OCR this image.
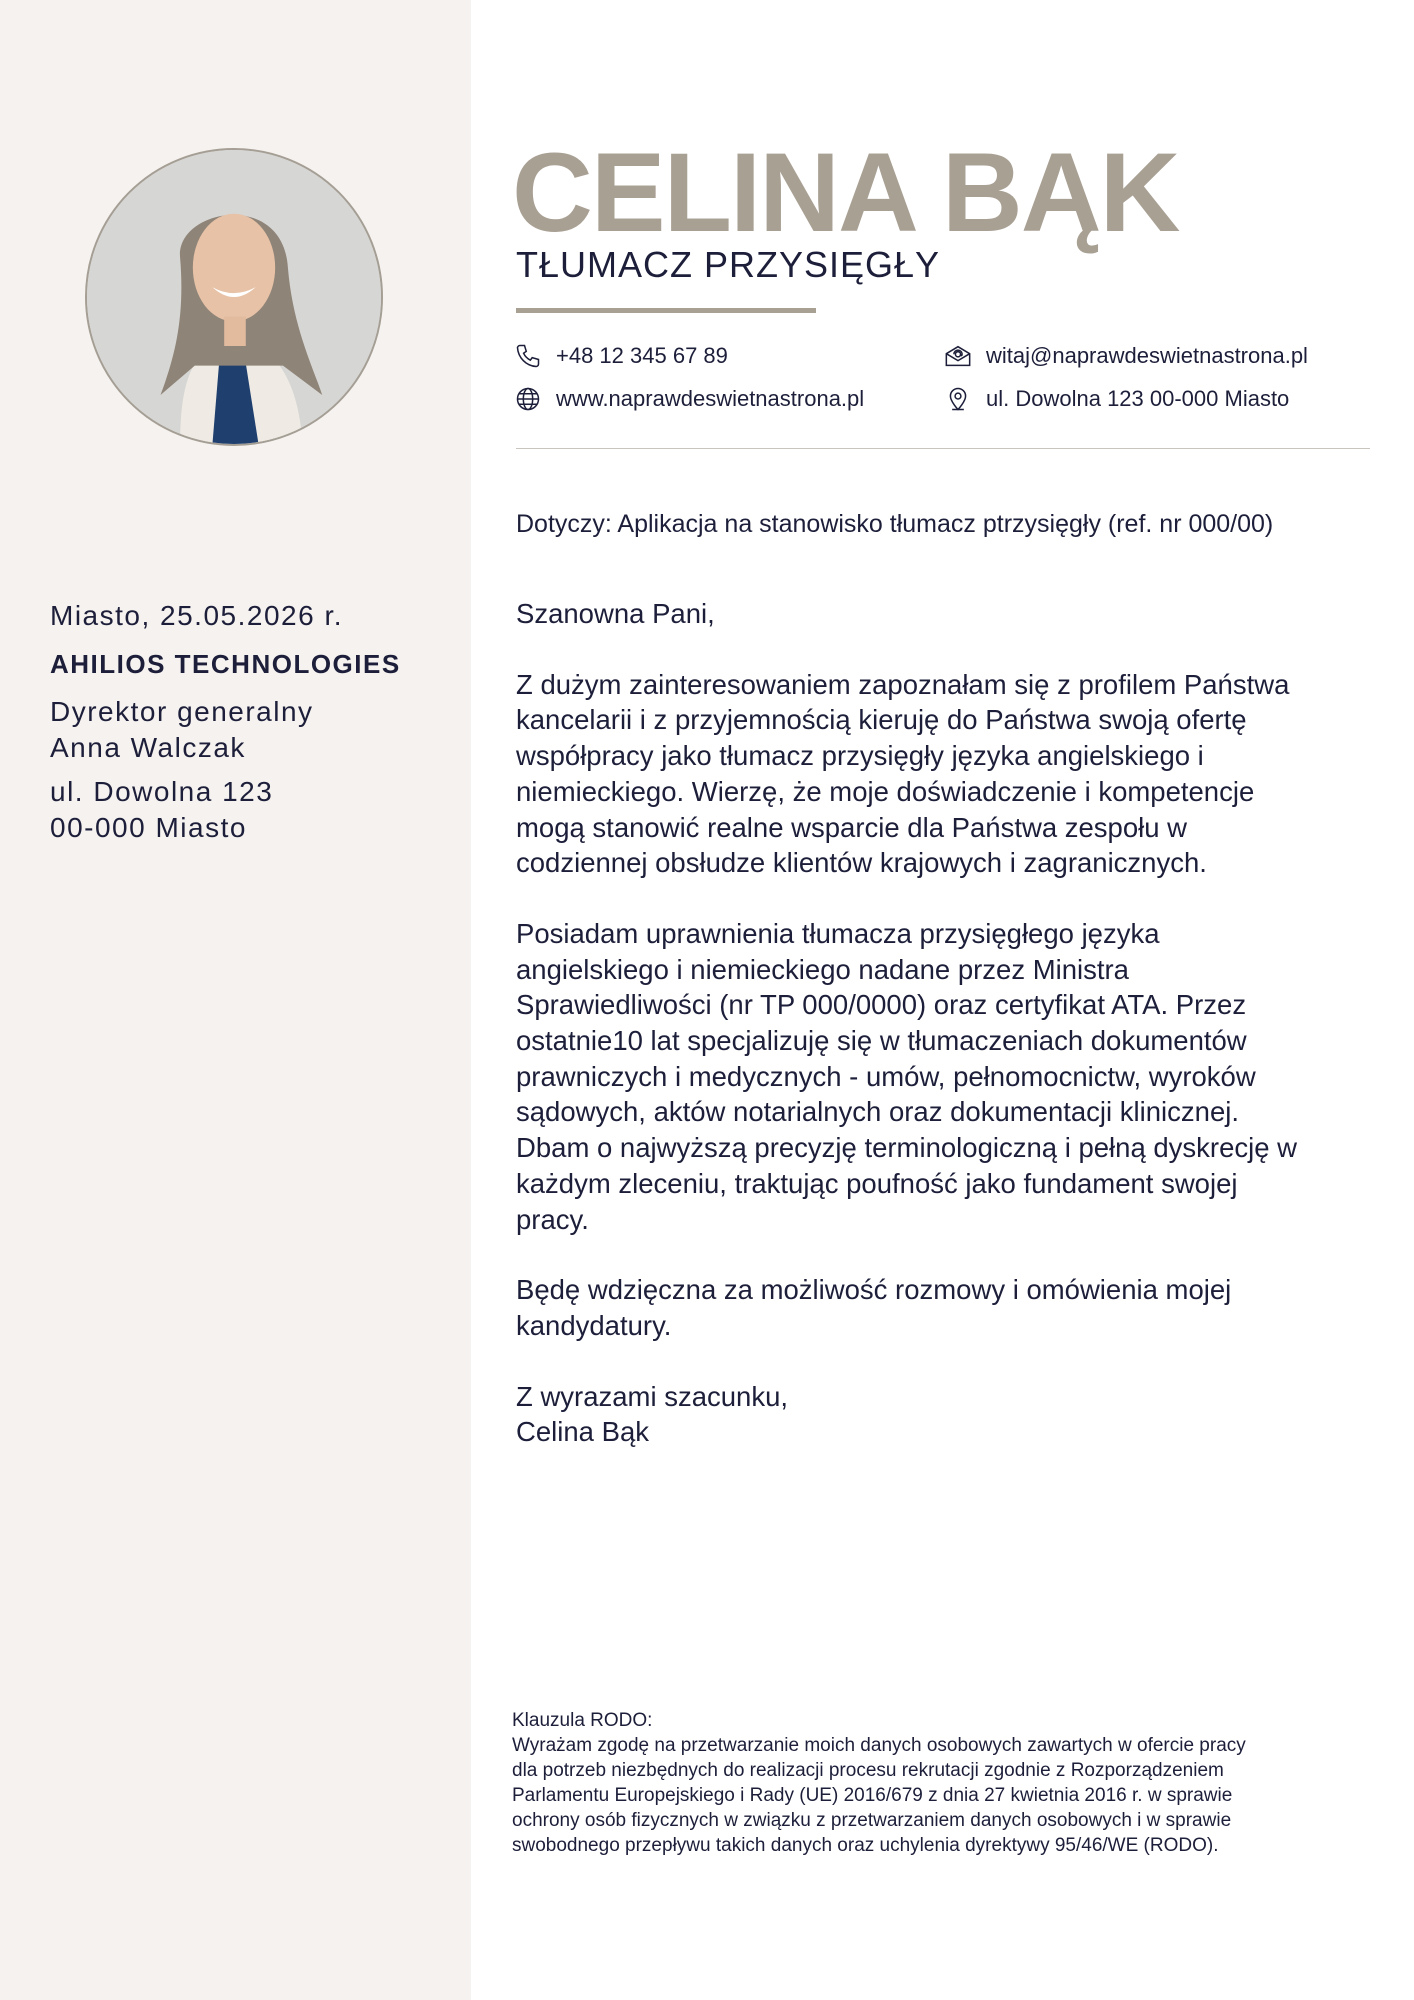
Miasto, 25.05.2026 r.
AHILIOS TECHNOLOGIES
Dyrektor generalny
Anna Walczak
ul. Dowolna 123
00-000 Miasto
CELINA BĄK
TŁUMACZ PRZYSIĘGŁY
+48 12 345 67 89
www.naprawdeswietnastrona.pl
witaj@naprawdeswietnastrona.pl
ul. Dowolna 123 00-000 Miasto
Dotyczy: Aplikacja na stanowisko tłumacz ptrzysięgły (ref. nr 000/00)

Szanowna Pani,

Z dużym zainteresowaniem zapoznałam się z profilem Państwa
kancelarii i z przyjemnością kieruję do Państwa swoją ofertę
współpracy jako tłumacz przysięgły języka angielskiego i
niemieckiego. Wierzę, że moje doświadczenie i kompetencje
mogą stanowić realne wsparcie dla Państwa zespołu w
codziennej obsłudze klientów krajowych i zagranicznych.

Posiadam uprawnienia tłumacza przysięgłego języka
angielskiego i niemieckiego nadane przez Ministra
Sprawiedliwości (nr TP 000/0000) oraz certyfikat ATA. Przez
ostatnie10 lat specjalizuję się w tłumaczeniach dokumentów
prawniczych i medycznych - umów, pełnomocnictw, wyroków
sądowych, aktów notarialnych oraz dokumentacji klinicznej.
Dbam o najwyższą precyzję terminologiczną i pełną dyskrecję w
każdym zleceniu, traktując poufność jako fundament swojej
pracy.

Będę wdzięczna za możliwość rozmowy i omówienia mojej
kandydatury.

Z wyrazami szacunku,
Celina Bąk

Klauzula RODO:
Wyrażam zgodę na przetwarzanie moich danych osobowych zawartych w ofercie pracy
dla potrzeb niezbędnych do realizacji procesu rekrutacji zgodnie z Rozporządzeniem
Parlamentu Europejskiego i Rady (UE) 2016/679 z dnia 27 kwietnia 2016 r. w sprawie
ochrony osób fizycznych w związku z przetwarzaniem danych osobowych i w sprawie
swobodnego przepływu takich danych oraz uchylenia dyrektywy 95/46/WE (RODO).
